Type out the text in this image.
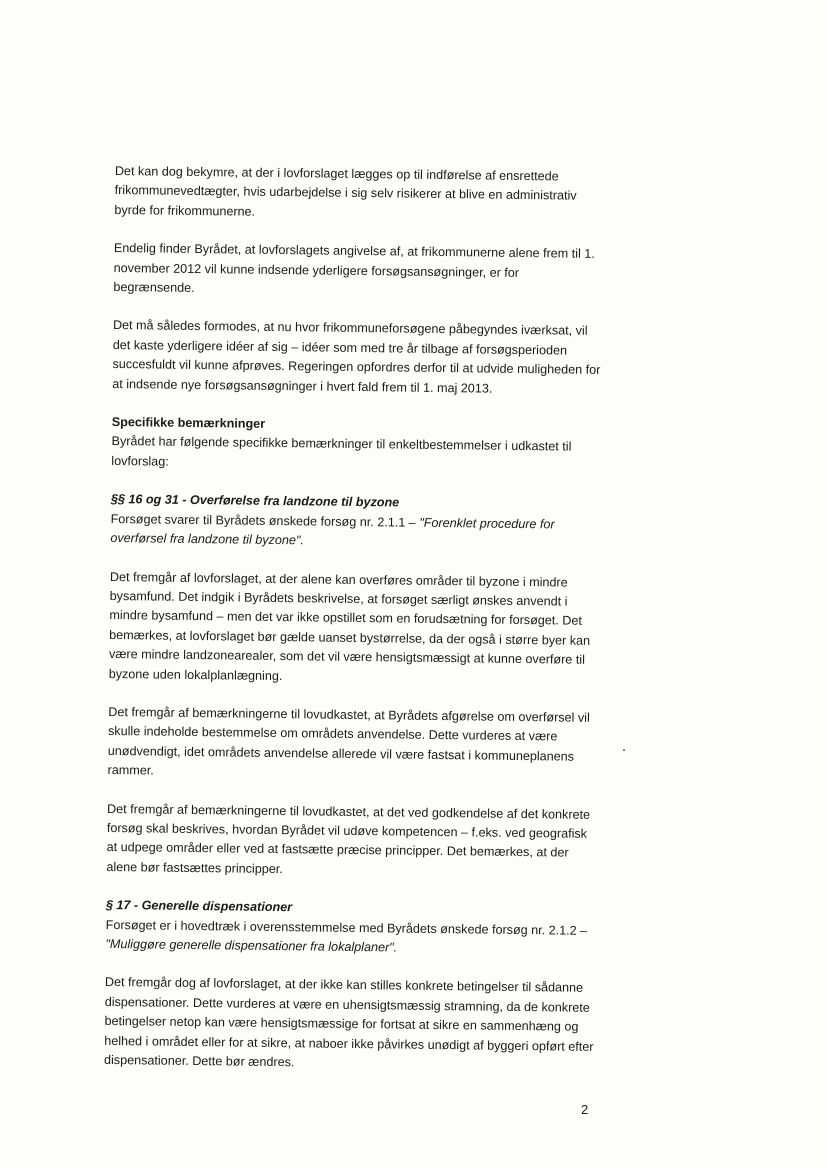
Det kan dog bekymre, at der i lovforslaget lægges op til indførelse af ensrettede frikommunevedtægter, hvis udarbejdelse i sig selv risikerer at blive en administrativ byrde for frikommunerne.

Endelig finder Byrådet, at lovforslagets angivelse af, at frikommunerne alene frem til 1. november 2012 vil kunne indsende yderligere forsøgsansøgninger, er for begrænsende.

Det må således formodes, at nu hvor frikommuneforsøgene påbegyndes iværksat, vil det kaste yderligere idéer af sig – idéer som med tre år tilbage af forsøgsperioden succesfuldt vil kunne afprøves. Regeringen opfordres derfor til at udvide muligheden for at indsende nye forsøgsansøgninger i hvert fald frem til 1. maj 2013.

Specifikke bemærkninger

Byrådet har følgende specifikke bemærkninger til enkeltbestemmelser i udkastet til lovforslag:

§§ 16 og 31 - Overførelse fra landzone til byzone

Forsøget svarer til Byrådets ønskede forsøg nr. 2.1.1 – "Forenklet procedure for overførsel fra landzone til byzone".

Det fremgår af lovforslaget, at der alene kan overføres områder til byzone i mindre bysamfund. Det indgik i Byrådets beskrivelse, at forsøget særligt ønskes anvendt i mindre bysamfund – men det var ikke opstillet som en forudsætning for forsøget. Det bemærkes, at lovforslaget bør gælde uanset bystørrelse, da der også i større byer kan være mindre landzonearealer, som det vil være hensigtsmæssigt at kunne overføre til byzone uden lokalplanlægning.

Det fremgår af bemærkningerne til lovudkastet, at Byrådets afgørelse om overførsel vil skulle indeholde bestemmelse om områdets anvendelse. Dette vurderes at være unødvendigt, idet områdets anvendelse allerede vil være fastsat i kommuneplanens rammer.

Det fremgår af bemærkningerne til lovudkastet, at det ved godkendelse af det konkrete forsøg skal beskrives, hvordan Byrådet vil udøve kompetencen – f.eks. ved geografisk at udpege områder eller ved at fastsætte præcise principper. Det bemærkes, at der alene bør fastsættes principper.

§ 17 - Generelle dispensationer

Forsøget er i hovedtræk i overensstemmelse med Byrådets ønskede forsøg nr. 2.1.2 – "Muliggøre generelle dispensationer fra lokalplaner".

Det fremgår dog af lovforslaget, at der ikke kan stilles konkrete betingelser til sådanne dispensationer. Dette vurderes at være en uhensigtsmæssig stramning, da de konkrete betingelser netop kan være hensigtsmæssige for fortsat at sikre en sammenhæng og helhed i området eller for at sikre, at naboer ikke påvirkes unødigt af byggeri opført efter dispensationer. Dette bør ændres.

2
